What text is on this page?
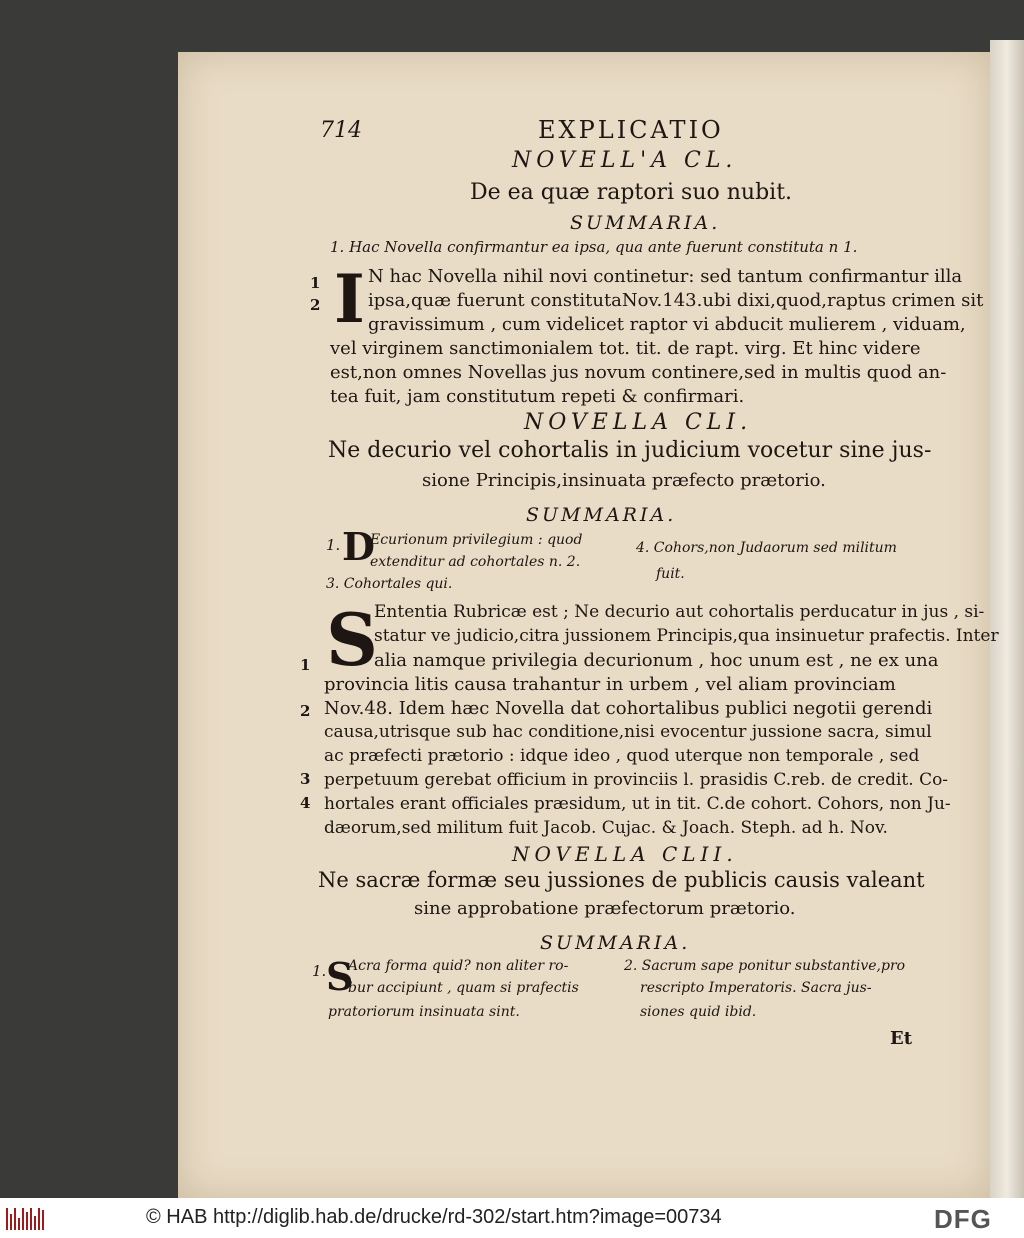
714	EXPLICATIO
NOVELL'A CL.
De ea quæ raptori suo nubit.
SUMMARIA.
1. Hac Novella confirmantur ea ipsa, qua ante fuerunt constituta n 1.
1
2 I N hac Novella nihil novi continetur: sed tantum confirmantur illa
ipsa,quæ fuerunt constitutaNov.143.ubi dixi,quod,raptus crimen sit
gravissimum , cum videlicet raptor vi abducit mulierem , viduam,
vel virginem sanctimonialem tot. tit. de rapt. virg. Et hinc videre
est,non omnes Novellas jus novum continere,sed in multis quod an-
tea fuit, jam constitutum repeti & confirmari.
NOVELLA CLI.
Ne decurio vel cohortalis in judicium vocetur sine jus-
sione Principis,insinuata præfecto prætorio.
SUMMARIA.
1. D
Ecurionum privilegium : quod
extenditur ad cohortales n. 2.
3. Cohortales qui.
4. Cohors,non Judaorum sed militum
fuit.
S
Ententia Rubricæ est ; Ne decurio aut cohortalis perducatur in jus , si-
statur ve judicio,citra jussionem Principis,qua insinuetur prafectis. Inter
alia namque privilegia decurionum , hoc unum est , ne ex una
provincia litis causa trahantur in urbem , vel aliam provinciam
Nov.48. Idem hæc Novella dat cohortalibus publici negotii gerendi
causa,utrisque sub hac conditione,nisi evocentur jussione sacra, simul
ac præfecti prætorio : idque ideo , quod uterque non temporale , sed
perpetuum gerebat officium in provinciis l. prasidis C.reb. de credit. Co-
hortales erant officiales præsidum, ut in tit. C.de cohort. Cohors, non Ju-
dæorum,sed militum fuit Jacob. Cujac. & Joach. Steph. ad h. Nov.
1
2
3
4
NOVELLA CLII.
Ne sacræ formæ seu jussiones de publicis causis valeant
sine approbatione præfectorum prætorio.
SUMMARIA.
1. S
Acra forma quid? non aliter ro-
bur accipiunt , quam si prafectis
pratoriorum insinuata sint.
2. Sacrum sape ponitur substantive,pro
rescripto Imperatoris. Sacra jus-
siones quid ibid.
Et
© HAB http://diglib.hab.de/drucke/rd-302/start.htm?image=00734	DFG
